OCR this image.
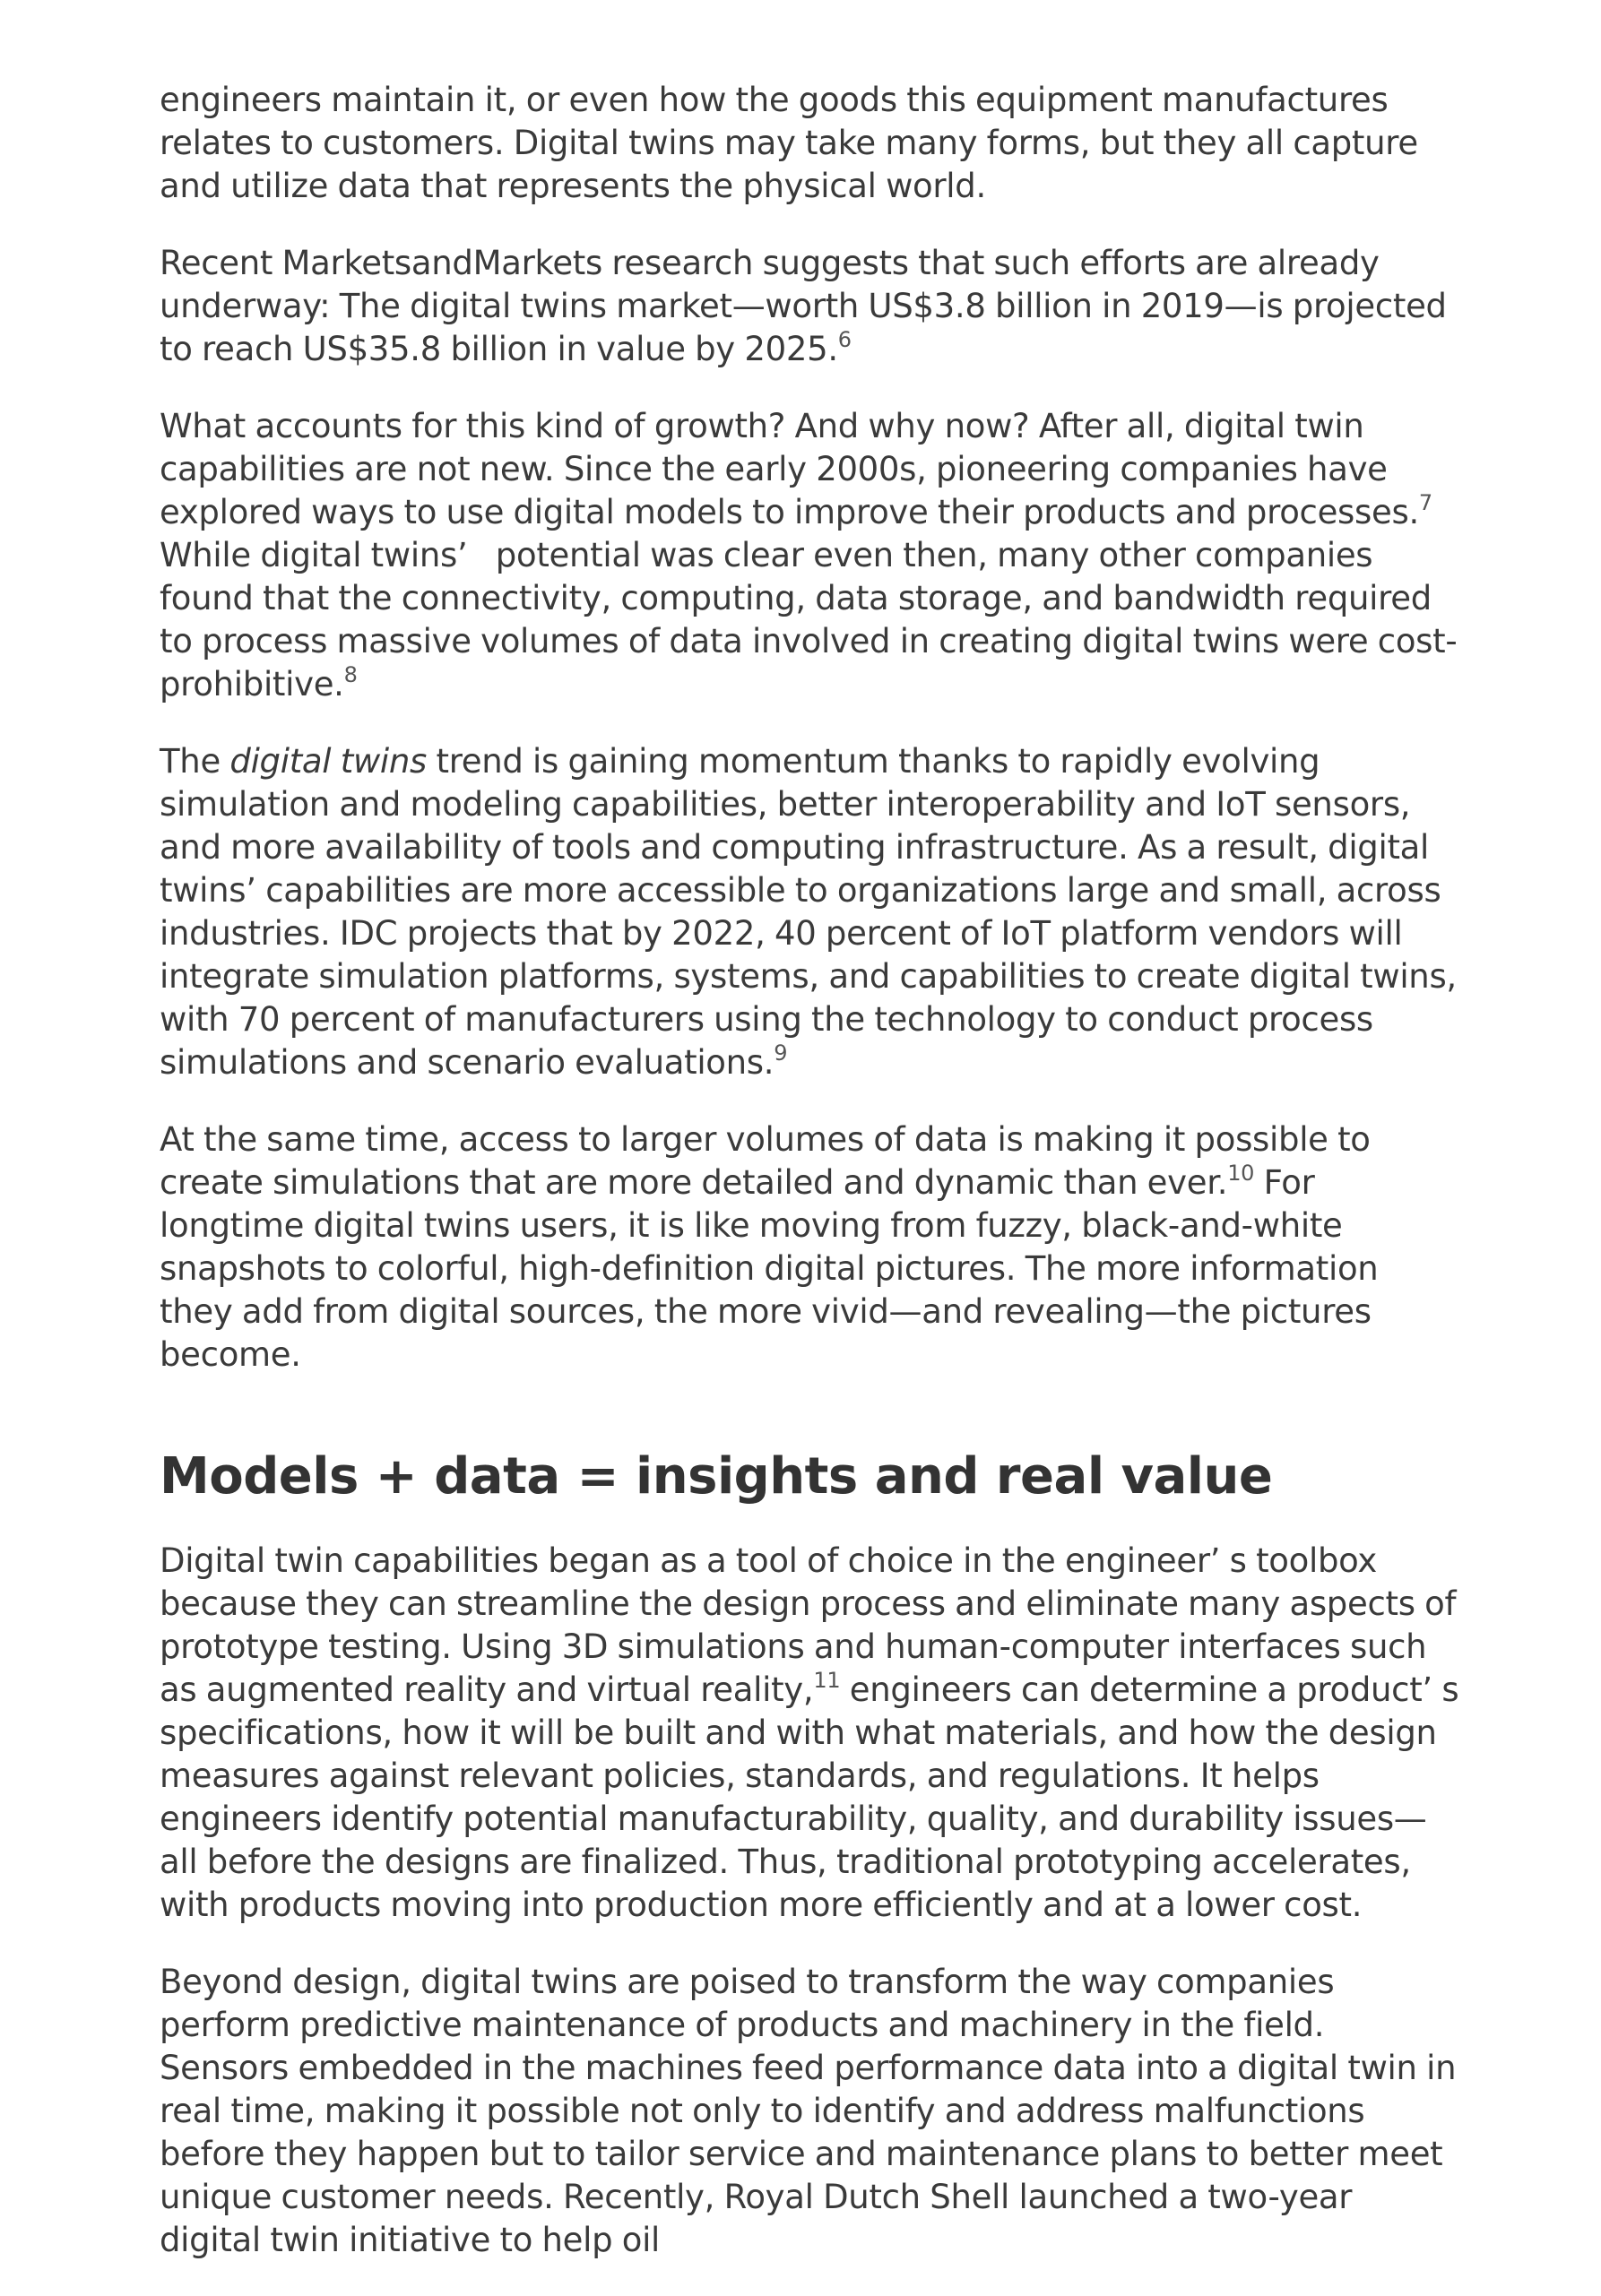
engineers maintain it, or even how the goods this equipment manufactures relates to customers. Digital twins may take many forms, but they all capture and utilize data that represents the physical world.

Recent MarketsandMarkets research suggests that such efforts are already underway: The digital twins market—worth US$3.8 billion in 2019—is projected to reach US$35.8 billion in value by 2025.$^6$

What accounts for this kind of growth? And why now? After all, digital twin capabilities are not new. Since the early 2000s, pioneering companies have explored ways to use digital models to improve their products and processes.$^7$ While digital twins’   potential was clear even then, many other companies found that the connectivity, computing, data storage, and bandwidth required to process massive volumes of data involved in creating digital twins were cost-prohibitive.$^8$

The digital twins trend is gaining momentum thanks to rapidly evolving simulation and modeling capabilities, better interoperability and IoT sensors, and more availability of tools and computing infrastructure. As a result, digital twins’ capabilities are more accessible to organizations large and small, across industries. IDC projects that by 2022, 40 percent of IoT platform vendors will integrate simulation platforms, systems, and capabilities to create digital twins, with 70 percent of manufacturers using the technology to conduct process simulations and scenario evaluations.$^9$

At the same time, access to larger volumes of data is making it possible to create simulations that are more detailed and dynamic than ever.$^{10}$ For longtime digital twins users, it is like moving from fuzzy, black-and-white snapshots to colorful, high-definition digital pictures. The more information they add from digital sources, the more vivid—and revealing—the pictures become.

Models + data = insights and real value

Digital twin capabilities began as a tool of choice in the engineer’ s toolbox because they can streamline the design process and eliminate many aspects of prototype testing. Using 3D simulations and human-computer interfaces such as augmented reality and virtual reality,$^{11}$ engineers can determine a product’ s specifications, how it will be built and with what materials, and how the design measures against relevant policies, standards, and regulations. It helps engineers identify potential manufacturability, quality, and durability issues—all before the designs are finalized. Thus, traditional prototyping accelerates, with products moving into production more efficiently and at a lower cost.

Beyond design, digital twins are poised to transform the way companies perform predictive maintenance of products and machinery in the field. Sensors embedded in the machines feed performance data into a digital twin in real time, making it possible not only to identify and address malfunctions before they happen but to tailor service and maintenance plans to better meet unique customer needs. Recently, Royal Dutch Shell launched a two-year digital twin initiative to help oil
